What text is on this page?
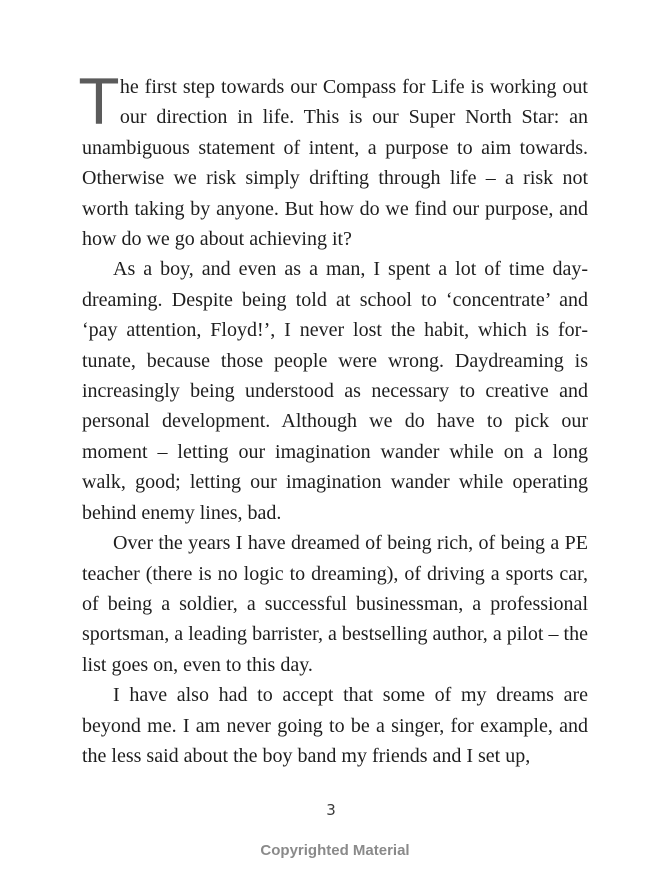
The first step towards our Compass for Life is working out our direction in life. This is our Super North Star: an unambiguous statement of intent, a purpose to aim towards. Otherwise we risk simply drifting through life – a risk not worth taking by anyone. But how do we find our purpose, and how do we go about achieving it?

As a boy, and even as a man, I spent a lot of time daydreaming. Despite being told at school to ‘concentrate’ and ‘pay attention, Floyd!’, I never lost the habit, which is fortunate, because those people were wrong. Daydreaming is increasingly being understood as necessary to creative and personal development. Although we do have to pick our moment – letting our imagination wander while on a long walk, good; letting our imagination wander while operating behind enemy lines, bad.

Over the years I have dreamed of being rich, of being a PE teacher (there is no logic to dreaming), of driving a sports car, of being a soldier, a successful businessman, a professional sportsman, a leading barrister, a bestselling author, a pilot – the list goes on, even to this day.

I have also had to accept that some of my dreams are beyond me. I am never going to be a singer, for example, and the less said about the boy band my friends and I set up,

3
Copyrighted Material
